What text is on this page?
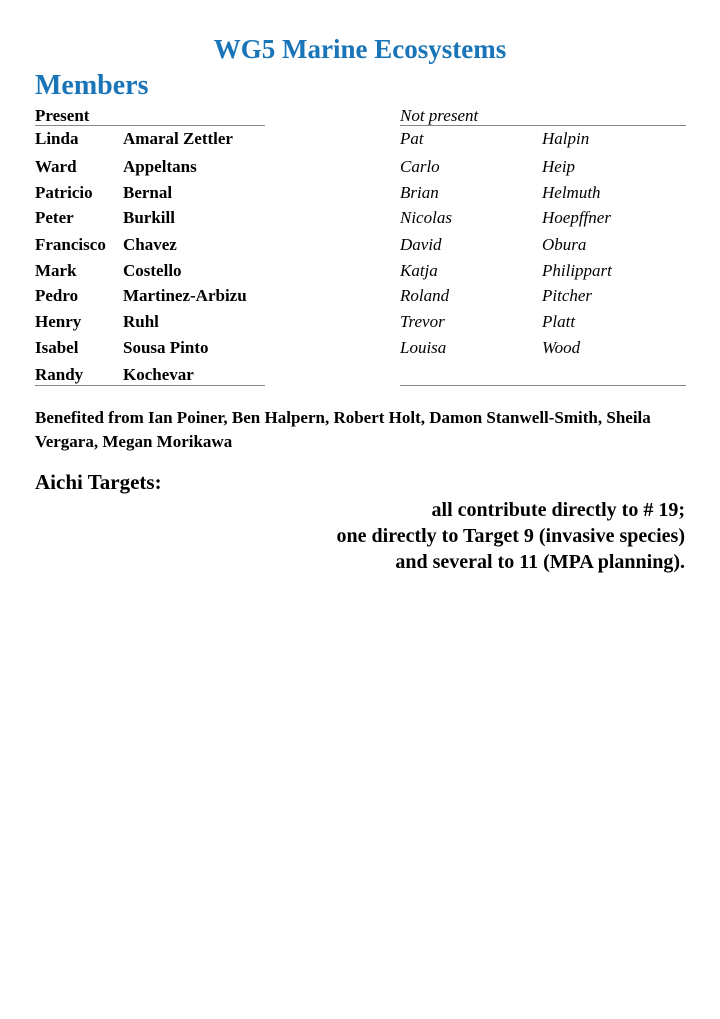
WG5 Marine Ecosystems
Members
Present	Not present
Linda	Amaral Zettler
Ward	Appeltans
Patricio Bernal
Peter	Burkill
Francisco Chavez
Mark	Costello
Pedro	Martinez-Arbizu
Henry Ruhl
Isabel	Sousa Pinto
Randy Kochevar
Pat	Halpin
Carlo	Heip
Brian	Helmuth
Nicolas	Hoepffner
David	Obura
Katja	Philippart
Roland	Pitcher
Trevor	Platt
Louisa	Wood
Benefited from Ian Poiner, Ben Halpern, Robert Holt, Damon Stanwell-Smith, Sheila Vergara, Megan Morikawa
Aichi Targets:
all contribute directly to # 19;
one directly to Target 9 (invasive species)
and several to 11 (MPA planning).
